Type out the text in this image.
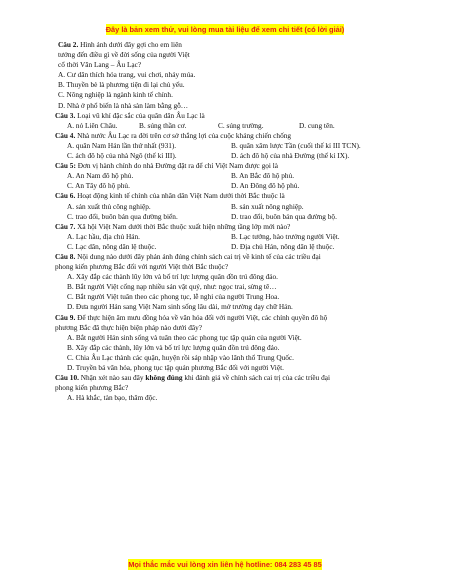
Đây là bản xem thử, vui lòng mua tài liệu để xem chi tiết (có lời giải)
Câu 2. Hình ảnh dưới đây gợi cho em liên
tưởng đến điều gì về đời sống của người Việt
cổ thời Văn Lang – Âu Lạc?
A. Cư dân thích hóa trang, vui chơi, nhảy múa.
B. Thuyền bè là phương tiện đi lại chủ yếu.
C. Nông nghiệp là ngành kinh tế chính.
D. Nhà ở phổ biến là nhà sàn làm bằng gỗ…
Câu 3. Loại vũ khí đặc sắc của quân dân Âu Lạc là
A. nỏ Liên Châu.	B. súng thần cơ.	C. súng trường.	D. cung tên.
Câu 4. Nhà nước Âu Lạc ra đời trên cơ sở thắng lợi của cuộc kháng chiến chống
A. quân Nam Hán lần thứ nhất (931).	B. quân xâm lược Tần (cuối thế kỉ III TCN).
C. ách đô hộ của nhà Ngô (thế kỉ III).	D. ách đô hộ của nhà Đường (thế kỉ IX).
Câu 5: Đơn vị hành chính do nhà Đường đặt ra để chỉ Việt Nam được gọi là
A. An Nam đô hộ phủ.	B. An Bắc đô hộ phủ.
C. An Tây đô hộ phủ.	D. An Đông đô hộ phủ.
Câu 6. Hoạt động kinh tế chính của nhân dân Việt Nam dưới thời Bắc thuộc là
A. sản xuất thủ công nghiệp.	B. sản xuất nông nghiệp.
C. trao đổi, buôn bán qua đường biển.	D. trao đổi, buôn bán qua đường bộ.
Câu 7. Xã hội Việt Nam dưới thời Bắc thuộc xuất hiện những tầng lớp mới nào?
A. Lạc hầu, địa chủ Hán.	B. Lạc tướng, hào trưởng người Việt.
C. Lạc dân, nông dân lệ thuộc.	D. Địa chủ Hán, nông dân lệ thuộc.
Câu 8. Nội dung nào dưới đây phản ánh đúng chính sách cai trị về kinh tế của các triều đại
phong kiến phương Bắc đối với người Việt thời Bắc thuộc?
A. Xây đắp các thành lũy lớn và bố trí lực lượng quân đồn trú đông đảo.
B. Bắt người Việt cống nạp nhiều sản vật quý, như: ngọc trai, sừng tê…
C. Bắt người Việt tuân theo các phong tục, lễ nghi của người Trung Hoa.
D. Đưa người Hán sang Việt Nam sinh sống lâu dài, mở trường dạy chữ Hán.
Câu 9. Để thực hiện âm mưu đồng hóa về văn hóa đối với người Việt, các chính quyền đô hộ
phương Bắc đã thực hiện biện pháp nào dưới đây?
A. Bắt người Hán sinh sống và tuân theo các phong tục tập quán của người Việt.
B. Xây đắp các thành, lũy lớn và bố trí lực lượng quân đồn trú đông đảo.
C. Chia Âu Lạc thành các quận, huyện rồi sáp nhập vào lãnh thổ Trung Quốc.
D. Truyền bá văn hóa, phong tục tập quán phương Bắc đối với người Việt.
Câu 10. Nhận xét nào sau đây không đúng khi đánh giá về chính sách cai trị của các triều đại
phong kiến phương Bắc?
A. Hà khắc, tàn bạo, thâm độc.
Mọi thắc mắc vui lòng xin liên hệ hotline: 084 283 45 85
